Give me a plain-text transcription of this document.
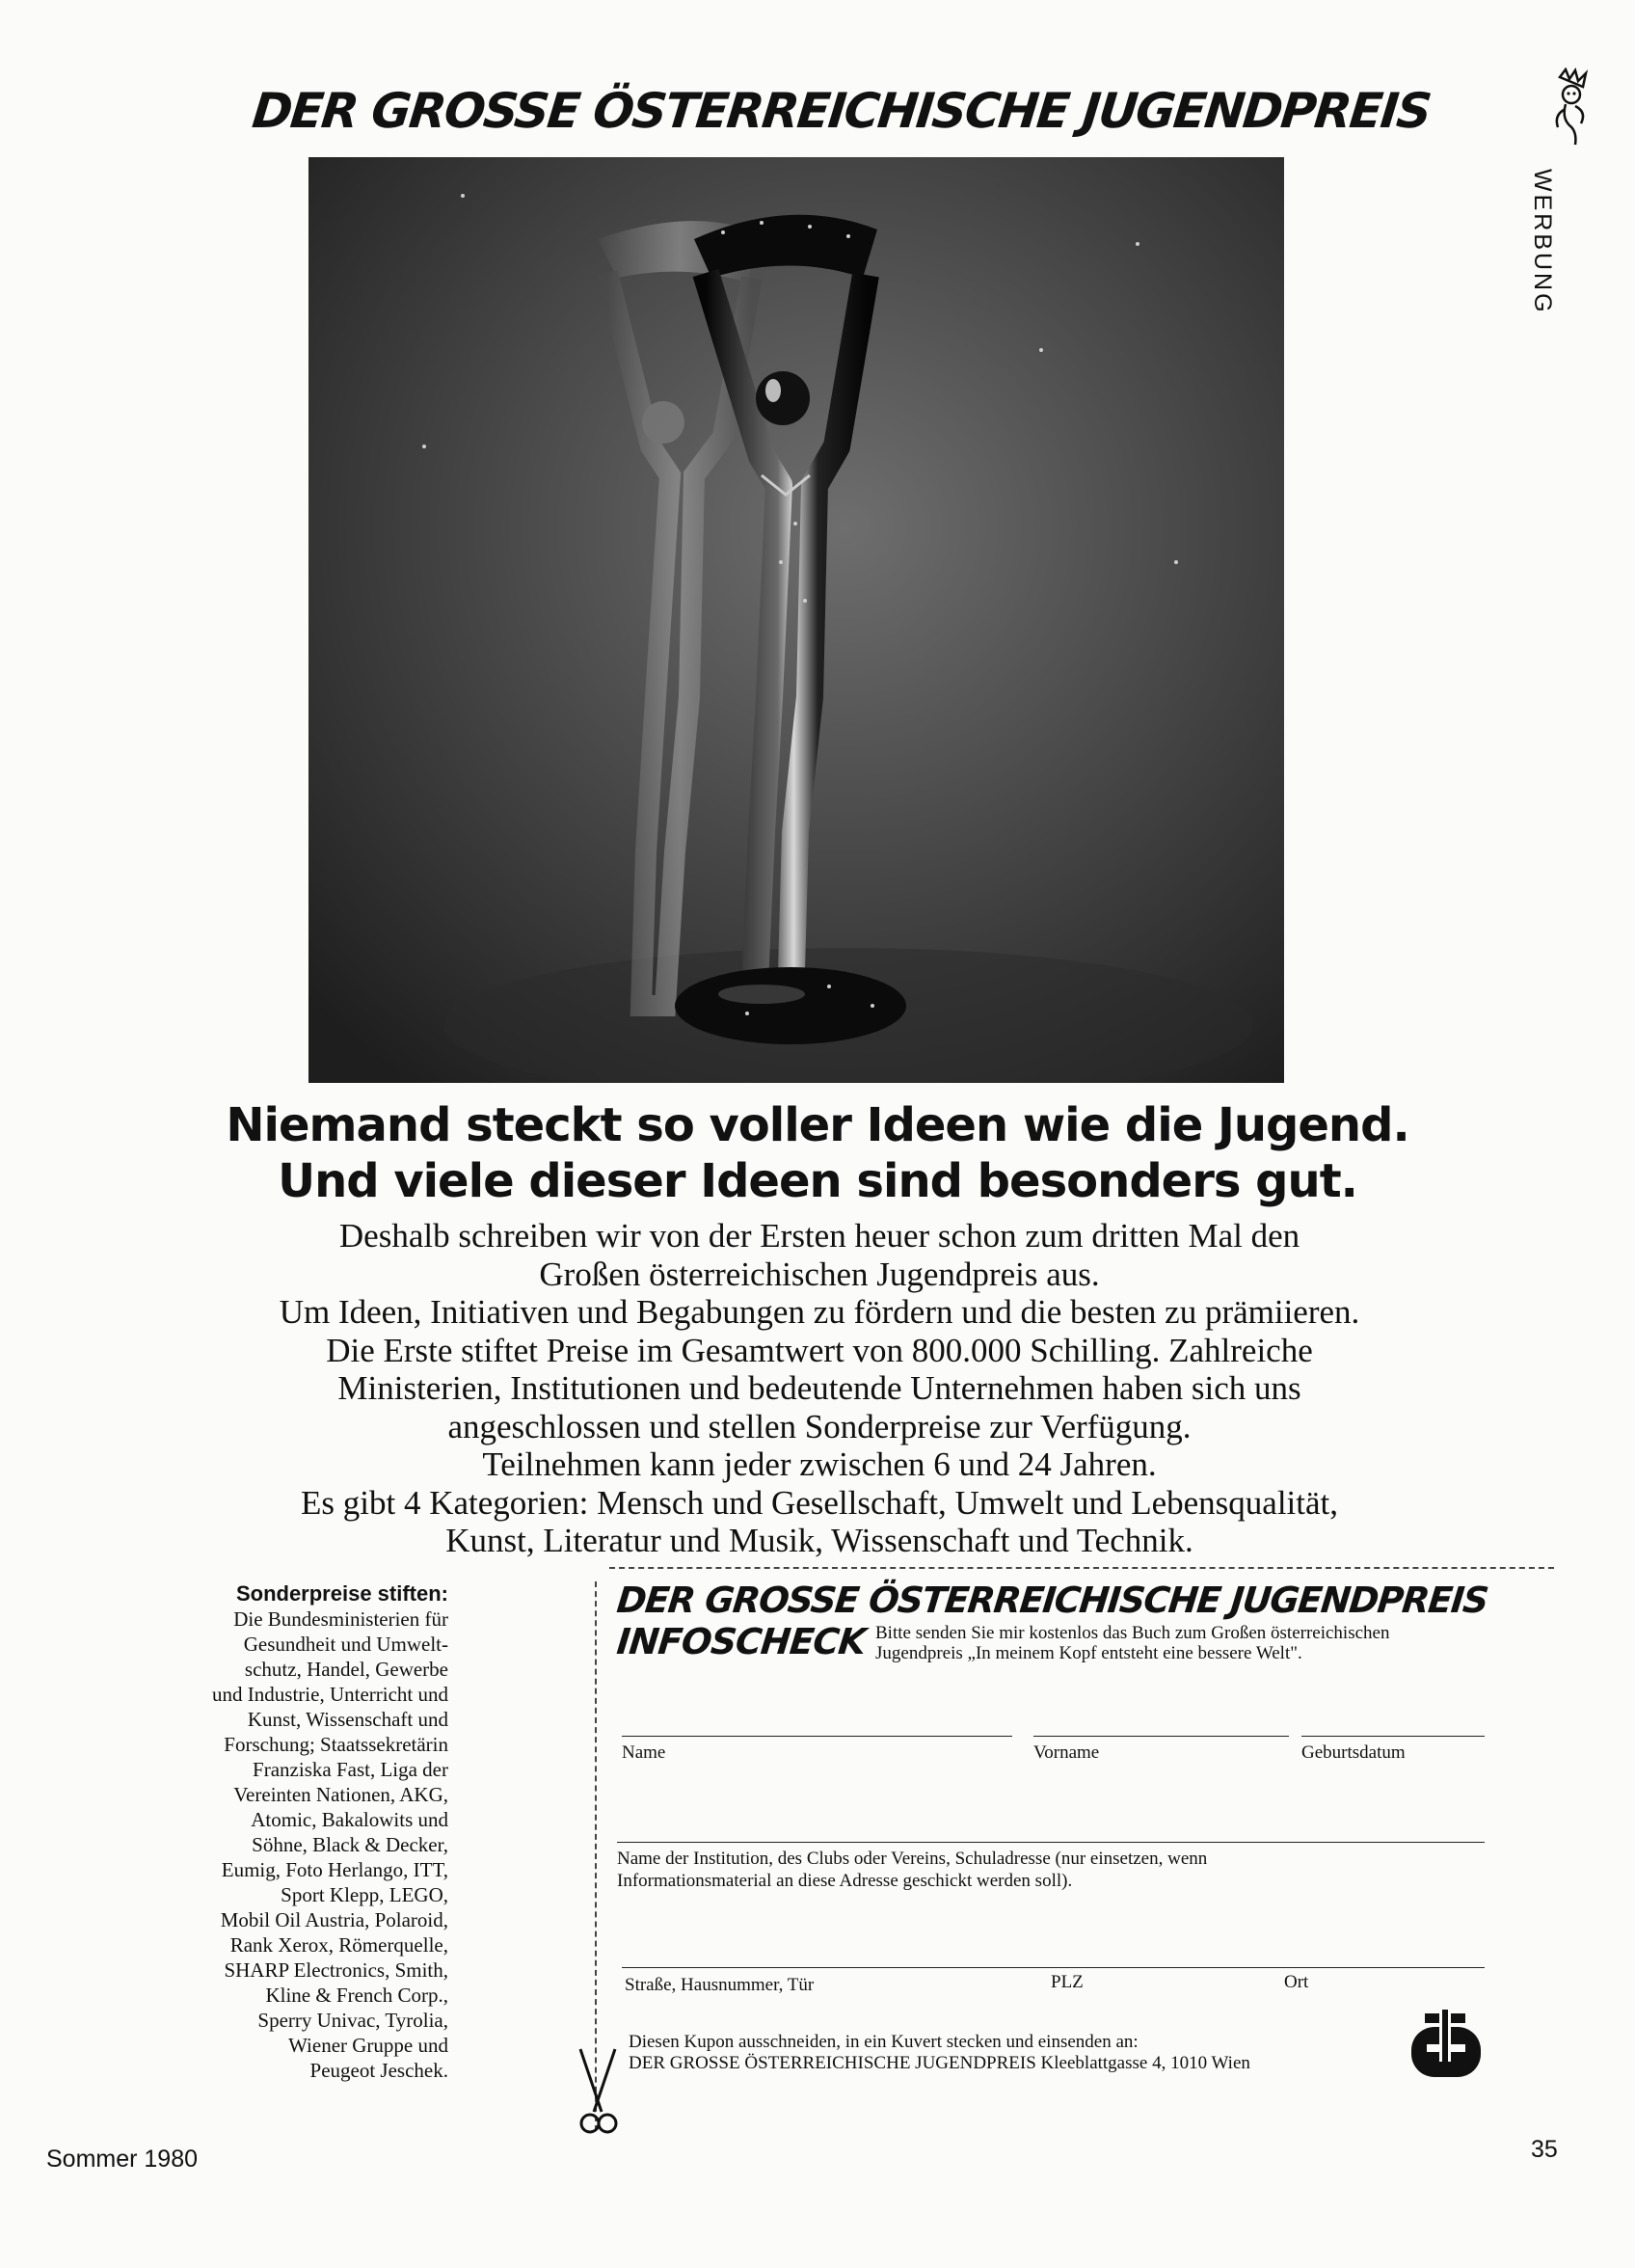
DER GROSSE ÖSTERREICHISCHE JUGENDPREIS
WERBUNG
Niemand steckt so voller Ideen wie die Jugend.
Und viele dieser Ideen sind besonders gut.
Deshalb schreiben wir von der Ersten heuer schon zum dritten Mal den
Großen österreichischen Jugendpreis aus.
Um Ideen, Initiativen und Begabungen zu fördern und die besten zu prämiieren.
Die Erste stiftet Preise im Gesamtwert von 800.000 Schilling. Zahlreiche
Ministerien, Institutionen und bedeutende Unternehmen haben sich uns
angeschlossen und stellen Sonderpreise zur Verfügung.
Teilnehmen kann jeder zwischen 6 und 24 Jahren.
Es gibt 4 Kategorien: Mensch und Gesellschaft, Umwelt und Lebensqualität,
Kunst, Literatur und Musik, Wissenschaft und Technik.
Sonderpreise stiften:
Die Bundesministerien für
Gesundheit und Umwelt-
schutz, Handel, Gewerbe
und Industrie, Unterricht und
Kunst, Wissenschaft und
Forschung; Staatssekretärin
Franziska Fast, Liga der
Vereinten Nationen, AKG,
Atomic, Bakalowits und
Söhne, Black & Decker,
Eumig, Foto Herlango, ITT,
Sport Klepp, LEGO,
Mobil Oil Austria, Polaroid,
Rank Xerox, Römerquelle,
SHARP Electronics, Smith,
Kline & French Corp.,
Sperry Univac, Tyrolia,
Wiener Gruppe und
Peugeot Jeschek.
DER GROSSE ÖSTERREICHISCHE JUGENDPREIS
INFOSCHECK Bitte senden Sie mir kostenlos das Buch zum Großen österreichischen
Jugendpreis „In meinem Kopf entsteht eine bessere Welt".
Name	Vorname	Geburtsdatum
Name der Institution, des Clubs oder Vereins, Schuladresse (nur einsetzen, wenn
Informationsmaterial an diese Adresse geschickt werden soll).
Straße, Hausnummer, Tür	PLZ	Ort
Diesen Kupon ausschneiden, in ein Kuvert stecken und einsenden an:
DER GROSSE ÖSTERREICHISCHE JUGENDPREIS Kleeblattgasse 4, 1010 Wien
Sommer 1980	35
